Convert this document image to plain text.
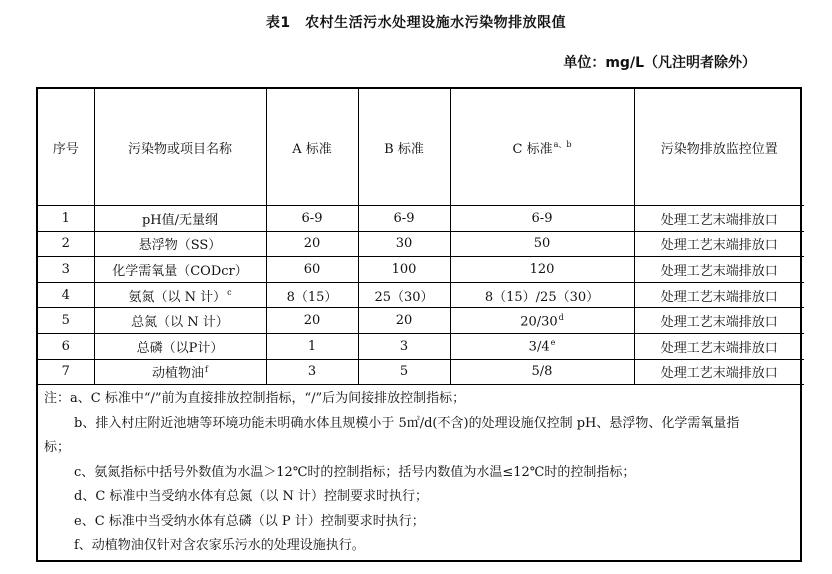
表1　农村生活污水处理设施水污染物排放限值
单位：mg/L（凡注明者除外）
序号	污染物或项目名称	A 标准	B 标准	C 标准$^{a、b}$	污染物排放监控位置
1	pH值/无量纲	6-9	6-9	6-9	处理工艺末端排放口
2	悬浮物（SS）	20	30	50	处理工艺末端排放口
3	化学需氧量（CODcr）	60	100	120	处理工艺末端排放口
4	氨氮（以 N 计）$^c$	8（15）	25（30）	8（15）/25（30）	处理工艺末端排放口
5	总氮（以 N 计）	20	20	20/30$^d$	处理工艺末端排放口
6	总磷（以P计）	1	3	3/4e	处理工艺末端排放口
7	动植物油$^f$	3	5	5/8	处理工艺末端排放口
注：a、C 标准中“/”前为直接排放控制指标，“/”后为间接排放控制指标；
b、排入村庄附近池塘等环境功能未明确水体且规模小于 5㎡/d(不含)的处理设施仅控制 pH、悬浮物、化学需氧量指
标；
c、氨氮指标中括号外数值为水温＞12℃时的控制指标；括号内数值为水温≤12℃时的控制指标；
d、C 标准中当受纳水体有总氮（以 N 计）控制要求时执行；
e、C 标准中当受纳水体有总磷（以 P 计）控制要求时执行；
f、动植物油仅针对含农家乐污水的处理设施执行。
